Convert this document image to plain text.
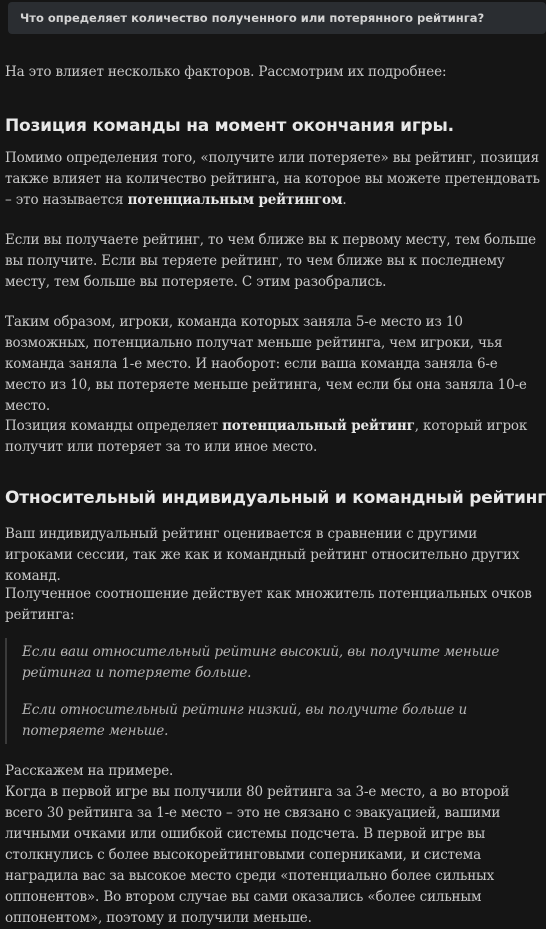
Что определяет количество полученного или потерянного рейтинга?

На это влияет несколько факторов. Рассмотрим их подробнее:

Позиция команды на момент окончания игры.

Помимо определения того, «получите или потеряете» вы рейтинг, позиция также влияет на количество рейтинга, на которое вы можете претендовать – это называется потенциальным рейтингом.

Если вы получаете рейтинг, то чем ближе вы к первому месту, тем больше вы получите. Если вы теряете рейтинг, то чем ближе вы к последнему месту, тем больше вы потеряете. С этим разобрались.

Таким образом, игроки, команда которых заняла 5-е место из 10 возможных, потенциально получат меньше рейтинга, чем игроки, чья команда заняла 1-е место. И наоборот: если ваша команда заняла 6-е место из 10, вы потеряете меньше рейтинга, чем если бы она заняла 10-е место.

Позиция команды определяет потенциальный рейтинг, который игрок получит или потеряет за то или иное место.

Относительный индивидуальный и командный рейтинг

Ваш индивидуальный рейтинг оценивается в сравнении с другими игроками сессии, так же как и командный рейтинг относительно других команд.

Полученное соотношение действует как множитель потенциальных очков рейтинга:

Если ваш относительный рейтинг высокий, вы получите меньше рейтинга и потеряете больше.

Если относительный рейтинг низкий, вы получите больше и потеряете меньше.

Расскажем на примере.

Когда в первой игре вы получили 80 рейтинга за 3-е место, а во второй всего 30 рейтинга за 1-е место – это не связано с эвакуацией, вашими личными очками или ошибкой системы подсчета. В первой игре вы столкнулись с более высокорейтинговыми соперниками, и система наградила вас за высокое место среди «потенциально более сильных оппонентов». Во втором случае вы сами оказались «более сильным оппонентом», поэтому и получили меньше.
